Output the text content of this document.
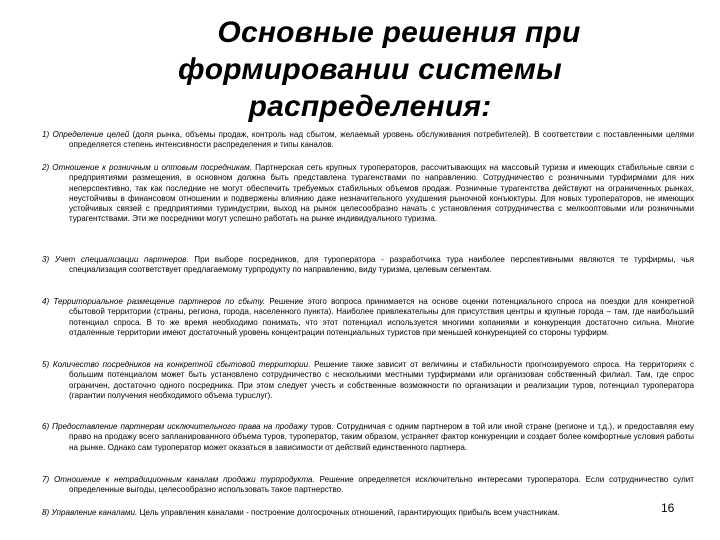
Основные решения при
формировании системы
распределения:

1) Определение целей (доля рынка, объемы продаж, контроль над сбытом, желаемый уровень обслуживания потребителей). В соответствии с поставленными целями определяется степень интенсивности распределения и типы каналов.

2) Отношение к розничным и оптовым посредникам. Партнерская сеть крупных туроператоров, рассчитывающих на массовый туризм и имеющих стабильные связи с предприятиями размещения, в основном должна быть представлена турагенствами по направлению. Сотрудничество с розничными турфирмами для них неперспективно, так как последние не могут обеспечить требуемых стабильных объемов продаж. Розничные турагентства действуют на ограниченных рынках, неустойчивы в финансовом отношении и подвержены влиянию даже незначительного ухудшения рыночной конъюктуры. Для новых туроператоров, не имеющих устойчивых связей с предприятиями туриндустрии, выход на рынок целесообразно начать с установления сотрудничества с мелкооптовыми или розничными турагентствами. Эти же посредники могут успешно работать на рынке индивидуального туризма.

3) Учет специализации партнеров. При выборе посредников, для туроператора - разработчика тура наиболее перспективными являются те турфирмы, чья специализация соответствует предлагаемому турпродукту по направлению, виду туризма, целевым сегментам.

4) Территориальное размещение партнеров по сбыту. Решение этого вопроса принимается на основе оценки потенциального спроса на поездки для конкретной сбытовой территории (страны, региона, города, населенного пункта). Наиболее привлекательны для присутствия центры и крупные города – там, где наибольший потенциал спроса. В то же время необходимо понимать, что этот потенциал используется многими копаниями и конкуренция достаточно сильна. Многие отдаленные территории имеют достаточный уровень концентрации потенциальных туристов при меньшей конкуренцией со стороны турфирм.

5) Количество посредников на конкретной сбытовой территории. Решение также зависит от величины и стабильности прогнозируемого спроса. На территориях с большим потенциалом может быть установлено сотрудничество с несколькими местными турфирмами или организован собственный филиал. Там, где спрос ограничен, достаточно одного посредника. При этом следует учесть и собственные возможности по организации и реализации туров, потенциал туроператора (гарантии получения необходимого объема турuслуг).

6) Предоставление партнерам исключительного права на продажу туров. Сотрудничая с одним партнером в той или иной стране (регионе и т.д.), и предоставляя ему право на продажу всего запланированного объема туров, туроператор, таким образом, устраняет фактор конкуренции и создает более комфортные условия работы на рынке. Однако сам туроператор может оказаться в зависимости от действий единственного партнера.

7) Отношение к нетрадиционным каналам продажи турпродукта. Решение определяется исключительно интересами туроператора. Если сотрудничество сулит определенные выгоды, целесообразно использовать такое партнерство.

8) Управление каналами. Цель управления каналами - построение долгосрочных отношений, гарантирующих прибыль всем участникам.	16
